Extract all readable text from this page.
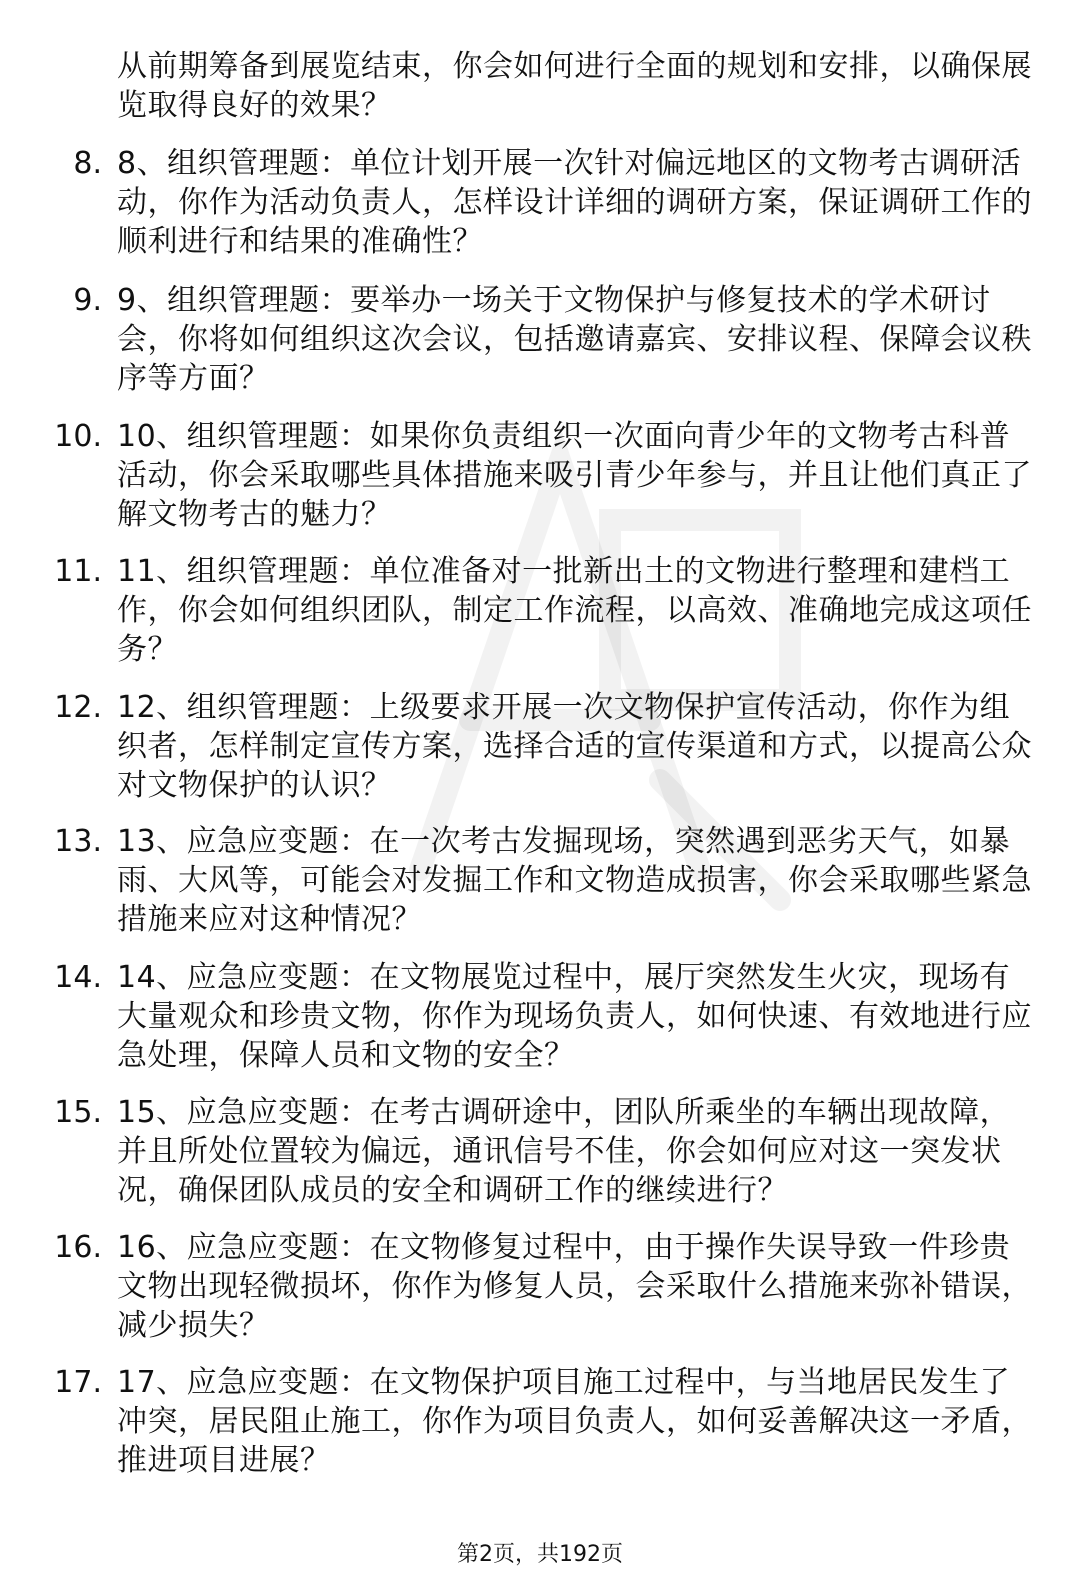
从前期筹备到展览结束，你会如何进行全面的规划和安排，以确保展览取得良好的效果？
8. 8、组织管理题：单位计划开展一次针对偏远地区的文物考古调研活动，你作为活动负责人，怎样设计详细的调研方案，保证调研工作的顺利进行和结果的准确性？
9. 9、组织管理题：要举办一场关于文物保护与修复技术的学术研讨会，你将如何组织这次会议，包括邀请嘉宾、安排议程、保障会议秩序等方面？
10. 10、组织管理题：如果你负责组织一次面向青少年的文物考古科普活动，你会采取哪些具体措施来吸引青少年参与，并且让他们真正了解文物考古的魅力？
11. 11、组织管理题：单位准备对一批新出土的文物进行整理和建档工作，你会如何组织团队，制定工作流程，以高效、准确地完成这项任务？
12. 12、组织管理题：上级要求开展一次文物保护宣传活动，你作为组织者，怎样制定宣传方案，选择合适的宣传渠道和方式，以提高公众对文物保护的认识？
13. 13、应急应变题：在一次考古发掘现场，突然遇到恶劣天气，如暴雨、大风等，可能会对发掘工作和文物造成损害，你会采取哪些紧急措施来应对这种情况？
14. 14、应急应变题：在文物展览过程中，展厅突然发生火灾，现场有大量观众和珍贵文物，你作为现场负责人，如何快速、有效地进行应急处理，保障人员和文物的安全？
15. 15、应急应变题：在考古调研途中，团队所乘坐的车辆出现故障，并且所处位置较为偏远，通讯信号不佳，你会如何应对这一突发状况，确保团队成员的安全和调研工作的继续进行？
16. 16、应急应变题：在文物修复过程中，由于操作失误导致一件珍贵文物出现轻微损坏，你作为修复人员，会采取什么措施来弥补错误，减少损失？
17. 17、应急应变题：在文物保护项目施工过程中，与当地居民发生了冲突，居民阻止施工，你作为项目负责人，如何妥善解决这一矛盾，推进项目进展？
第2页，共192页
